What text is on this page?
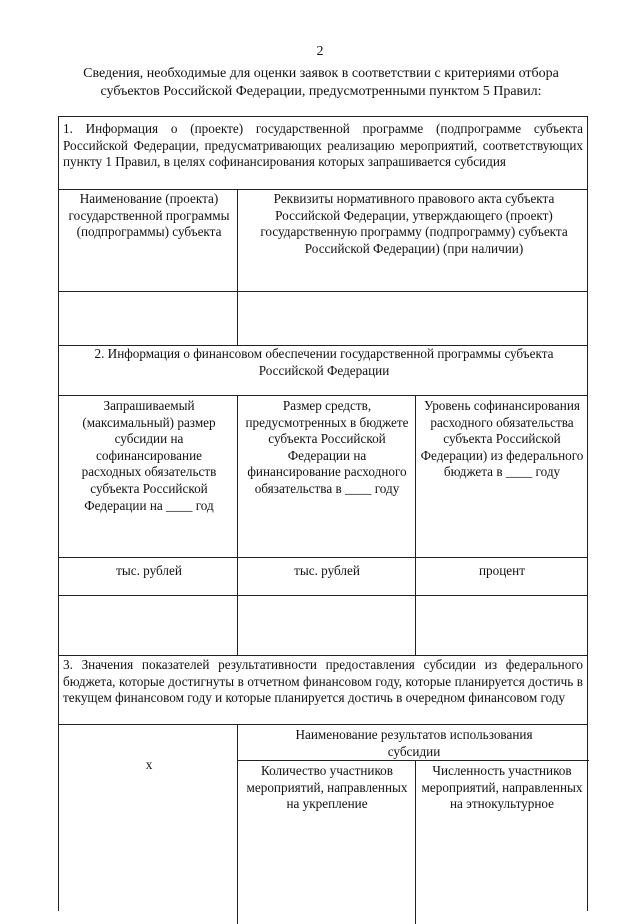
2
Сведения, необходимые для оценки заявок в соответствии с критериями отбора субъектов Российской Федерации, предусмотренными пунктом 5 Правил:
1. Информация о (проекте) государственной программе (подпрограмме субъекта Российской Федерации, предусматривающих реализацию мероприятий, соответствующих пункту 1 Правил, в целях софинансирования которых запрашивается субсидия
Наименование (проекта) государственной программы (подпрограммы) субъекта
Реквизиты нормативного правового акта субъекта Российской Федерации, утверждающего (проект) государственную программу (подпрограмму) субъекта Российской Федерации) (при наличии)
2. Информация о финансовом обеспечении государственной программы субъекта Российской Федерации
Запрашиваемый (максимальный) размер субсидии на софинансирование расходных обязательств субъекта Российской Федерации на ____ год
Размер средств, предусмотренных в бюджете субъекта Российской Федерации на финансирование расходного обязательства в ____ году
Уровень софинансирования расходного обязательства субъекта Российской Федерации) из федерального бюджета в ____ году
тыс. рублей	тыс. рублей	процент
3. Значения показателей результативности предоставления субсидии из федерального бюджета, которые достигнуты в отчетном финансовом году, которые планируется достичь в текущем финансовом году и которые планируется достичь в очередном финансовом году
x
Наименование результатов использования субсидии
Количество участников мероприятий, направленных на укрепление
Численность участников мероприятий, направленных на этнокультурное
